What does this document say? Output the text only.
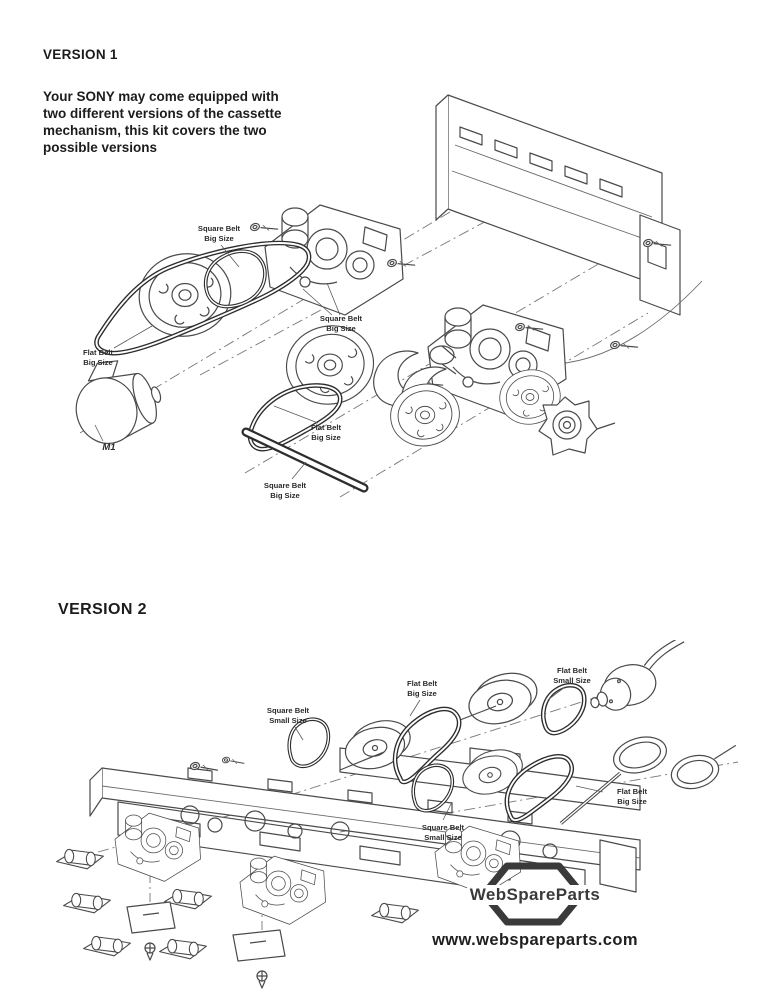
VERSION 1
Your SONY may come equipped with
two different versions of the cassette
mechanism, this kit covers the two
possible versions
Square Belt
Big Size
Flat Belt
Big Size
Square Belt
Big Size
Flat Belt
Big Size
Square Belt
Big Size
M1
VERSION 2
Square Belt
Small Size
Flat Belt
Big Size
Flat Belt
Small Size
Flat Belt
Big Size
Square Belt
Small Size
WebSpareParts
www.webspareparts.com
